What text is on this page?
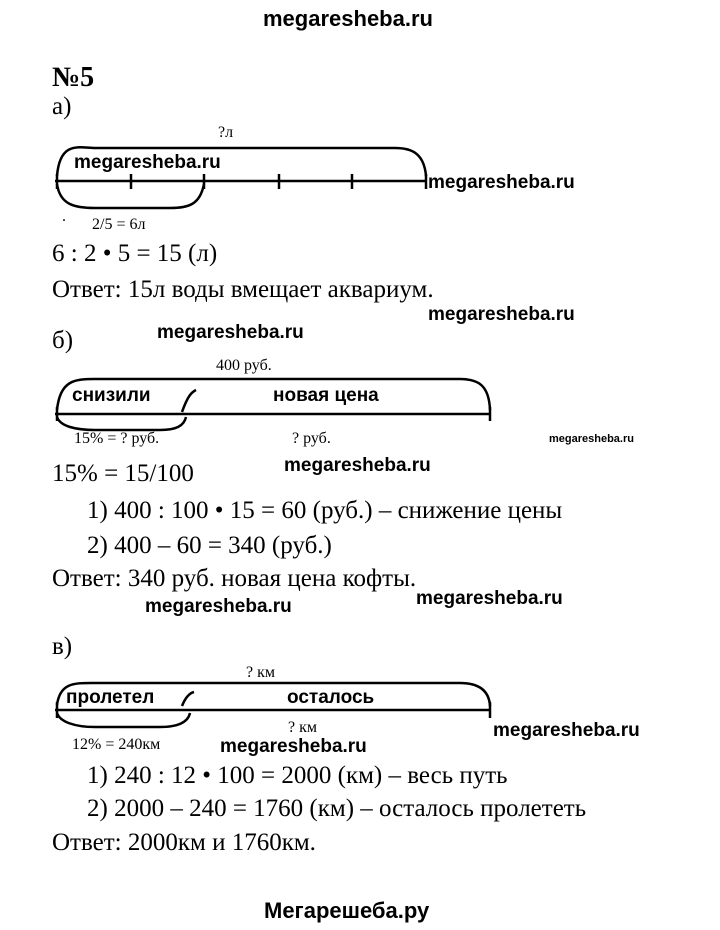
megaresheba.ru
№5
а)
?л
megaresheba.ru
megaresheba.ru
. 2/5 = 6л
6 : 2 • 5 = 15 (л)
Ответ: 15л воды вмещает аквариум.
megaresheba.ru
б)	megaresheba.ru
400 руб.
снизили	новая цена
15% = ? руб.	? руб.	megaresheba.ru
15% = 15/100	megaresheba.ru
1) 400 : 100 • 15 = 60 (руб.) – снижение цены
2) 400 – 60 = 340 (руб.)
Ответ: 340 руб. новая цена кофты.
megaresheba.ru	megaresheba.ru
в)
? км
пролетел	осталось
? км	megaresheba.ru
12% = 240км	megaresheba.ru
1) 240 : 12 • 100 = 2000 (км) – весь путь
2) 2000 – 240 = 1760 (км) – осталось пролететь
Ответ: 2000км и 1760км.
Мегарешеба.ру
